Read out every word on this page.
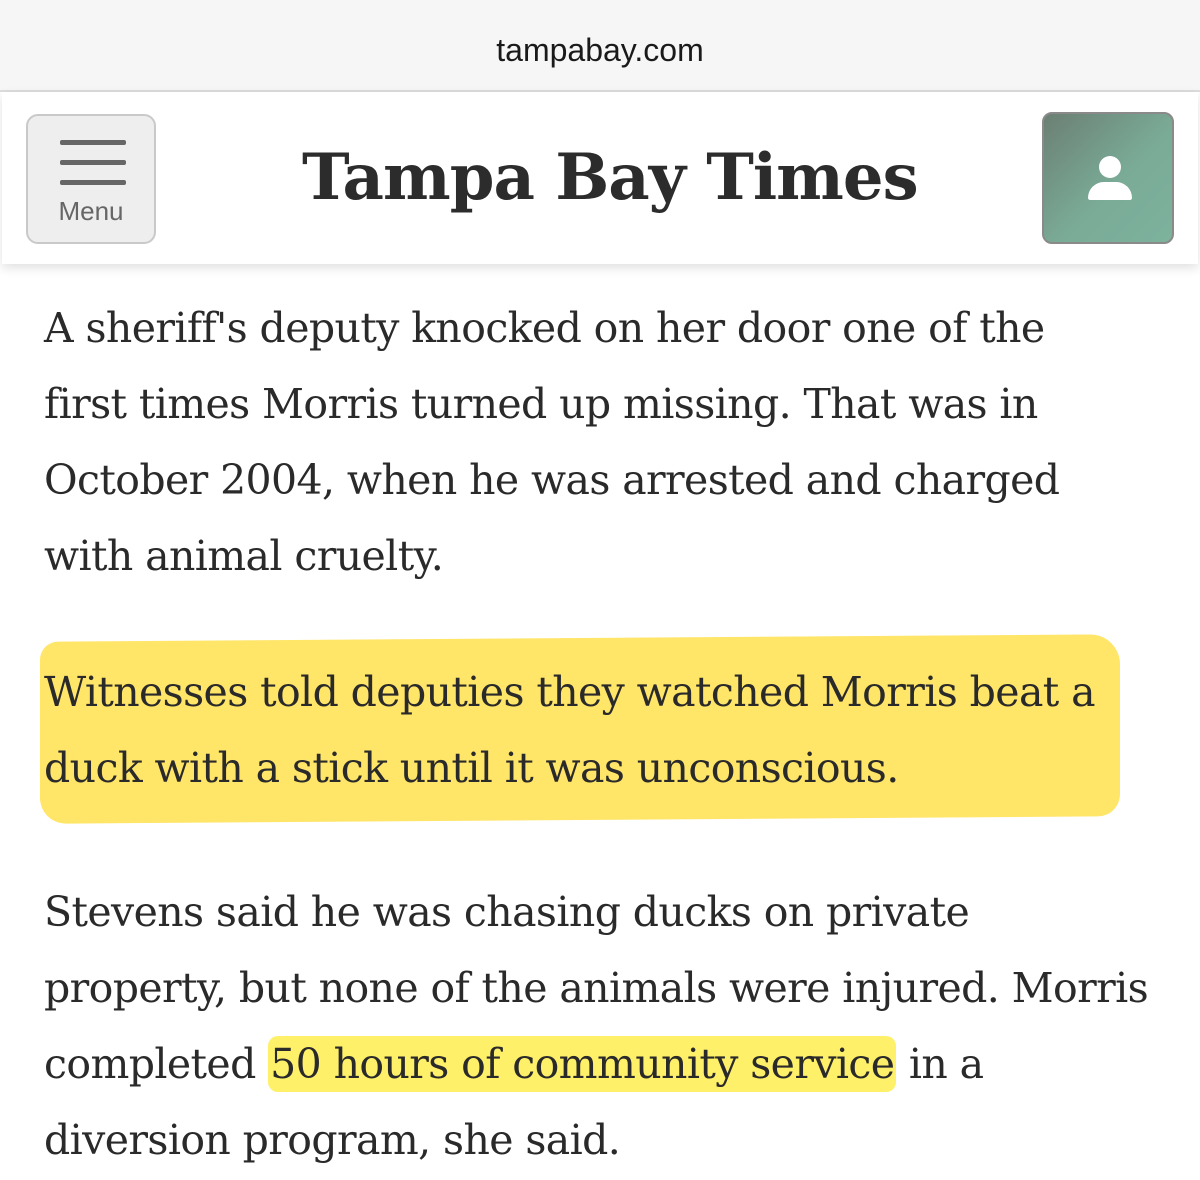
tampabay.com
Menu	Tampa Bay Times

A sheriff's deputy knocked on her door one of the first times Morris turned up missing. That was in October 2004, when he was arrested and charged with animal cruelty.

Witnesses told deputies they watched Morris beat a duck with a stick until it was unconscious.

Stevens said he was chasing ducks on private property, but none of the animals were injured. Morris completed 50 hours of community service in a diversion program, she said.
